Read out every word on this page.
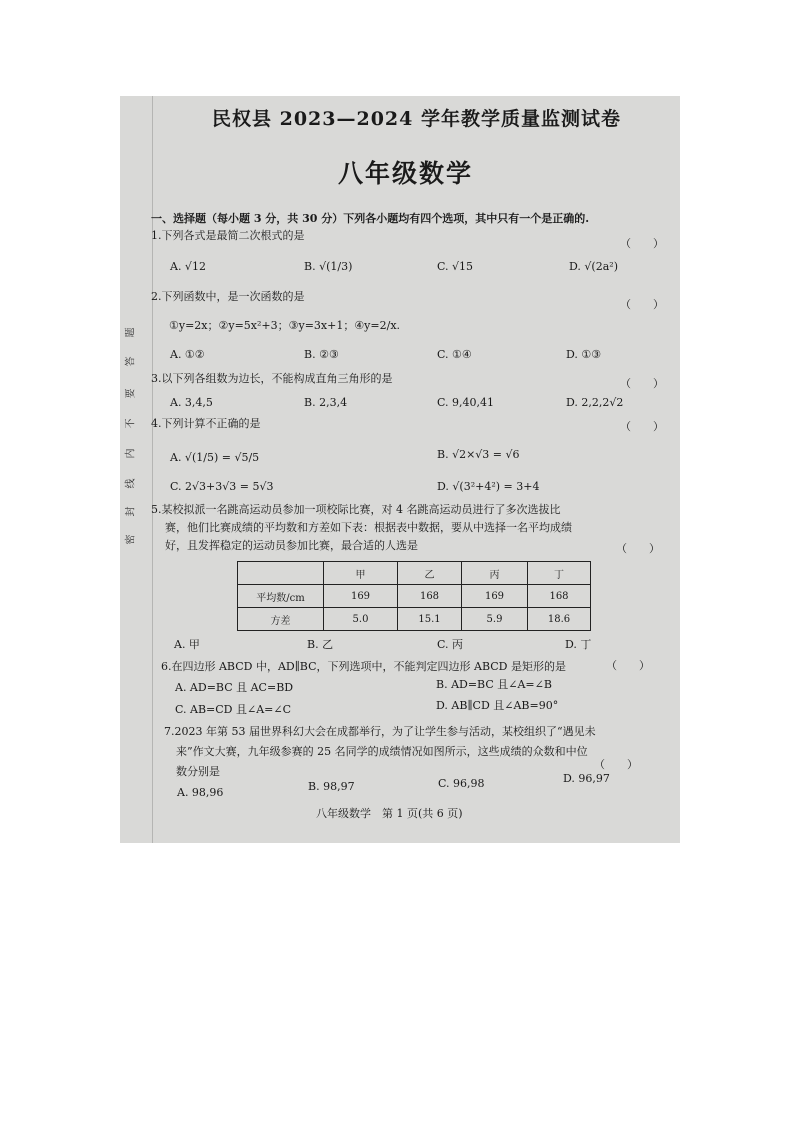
题
答
要
不
内
线
封
密
民权县 2023—2024 学年教学质量监测试卷
八年级数学
一、选择题（每小题 3 分，共 30 分）下列各小题均有四个选项，其中只有一个是正确的.
1.下列各式是最简二次根式的是
（　　）
A. √12	B. √(1/3)	C. √15	D. √(2a²)
2.下列函数中，是一次函数的是
（　　）
①y=2x；②y=5x²+3；③y=3x+1；④y=2/x.
A. ①②	B. ②③	C. ①④	D. ①③
3.以下列各组数为边长，不能构成直角三角形的是	（　　）
A. 3,4,5	B. 2,3,4	C. 9,40,41	D. 2,2,2√2
4.下列计算不正确的是	（　　）
A. √(1/5) = √5/5	B. √2×√3 = √6
C. 2√3+3√3 = 5√3	D. √(3²+4²) = 3+4
5.某校拟派一名跳高运动员参加一项校际比赛，对 4 名跳高运动员进行了多次选拔比
赛，他们比赛成绩的平均数和方差如下表：根据表中数据，要从中选择一名平均成绩
好，且发挥稳定的运动员参加比赛，最合适的人选是	（　　）
	甲	乙	丙	丁
平均数/cm	169	168	169	168
方差	5.0	15.1	5.9	18.6
A. 甲	B. 乙	C. 丙	D. 丁
6.在四边形 ABCD 中，AD∥BC，下列选项中，不能判定四边形 ABCD 是矩形的是	（　　）
A. AD=BC 且 AC=BD	B. AD=BC 且∠A=∠B
C. AB=CD 且∠A=∠C	D. AB∥CD 且∠AB=90°
7.2023 年第 53 届世界科幻大会在成都举行，为了让学生参与活动，某校组织了“遇见未
来”作文大赛，九年级参赛的 25 名同学的成绩情况如图所示，这些成绩的众数和中位
数分别是
（　　）
A. 98,96	B. 98,97	C. 96,98	D. 96,97
八年级数学　第 1 页(共 6 页)
